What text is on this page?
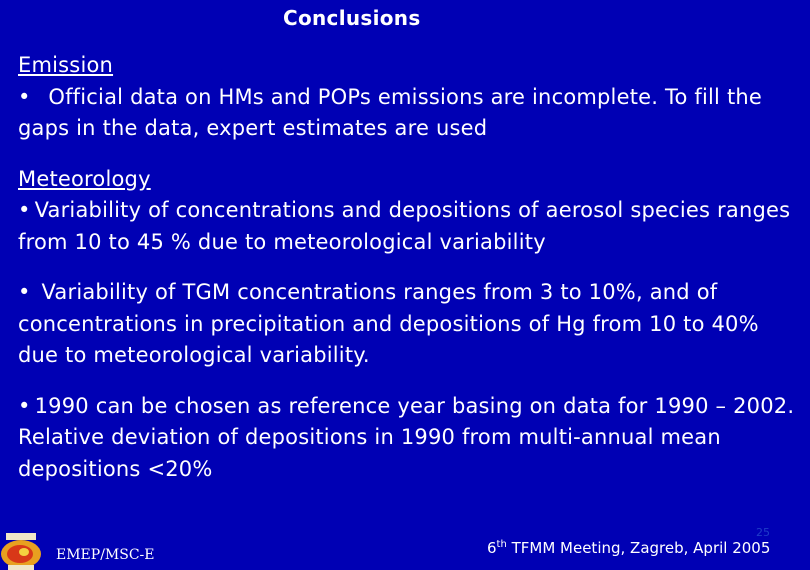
Conclusions

Emission

• Official data on HMs and POPs emissions are incomplete. To fill the gaps in the data, expert estimates are used

Meteorology

• Variability of concentrations and depositions of aerosol species ranges from 10 to 45 % due to meteorological variability

• Variability of TGM concentrations ranges from 3 to 10%, and of concentrations in precipitation and depositions of Hg from 10 to 40% due to meteorological variability.

• 1990 can be chosen as reference year basing on data for 1990 – 2002. Relative deviation of depositions in 1990 from multi-annual mean depositions <20%

EMEP/MSC-E
25
6th TFMM Meeting, Zagreb, April 2005
